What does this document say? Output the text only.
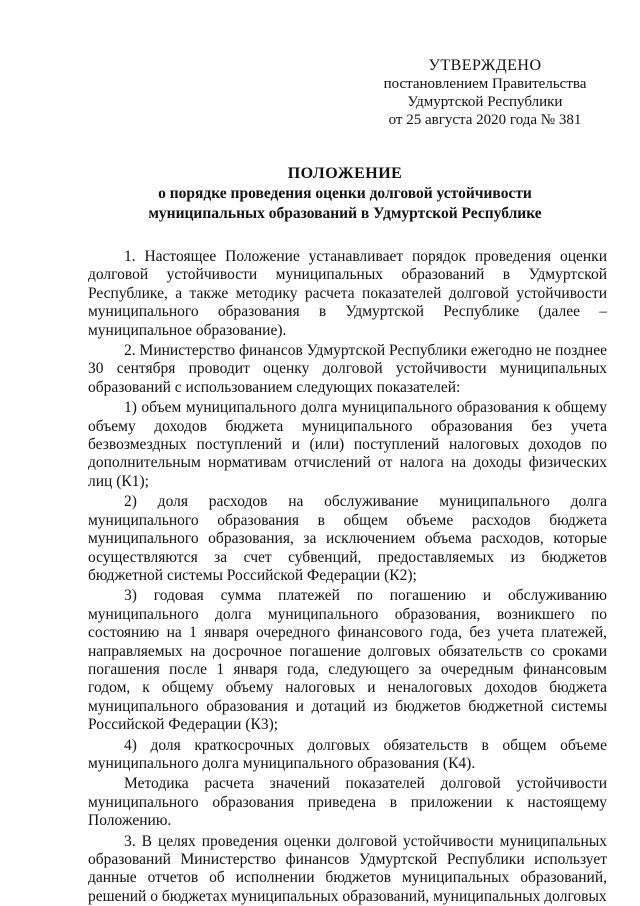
УТВЕРЖДЕНО
постановлением Правительства
Удмуртской Республики
от 25 августа 2020 года № 381
ПОЛОЖЕНИЕ
о порядке проведения оценки долговой устойчивости
муниципальных образований в Удмуртской Республике

1. Настоящее Положение устанавливает порядок проведения оценки долговой устойчивости муниципальных образований в Удмуртской Республике, а также методику расчета показателей долговой устойчивости муниципального образования в Удмуртской Республике (далее – муниципальное образование).

2. Министерство финансов Удмуртской Республики ежегодно не позднее 30 сентября проводит оценку долговой устойчивости муниципальных образований с использованием следующих показателей:

1) объем муниципального долга муниципального образования к общему объему доходов бюджета муниципального образования без учета безвозмездных поступлений и (или) поступлений налоговых доходов по дополнительным нормативам отчислений от налога на доходы физических лиц (К1);

2) доля расходов на обслуживание муниципального долга муниципального образования в общем объеме расходов бюджета муниципального образования, за исключением объема расходов, которые осуществляются за счет субвенций, предоставляемых из бюджетов бюджетной системы Российской Федерации (К2);

3) годовая сумма платежей по погашению и обслуживанию муниципального долга муниципального образования, возникшего по состоянию на 1 января очередного финансового года, без учета платежей, направляемых на досрочное погашение долговых обязательств со сроками погашения после 1 января года, следующего за очередным финансовым годом, к общему объему налоговых и неналоговых доходов бюджета муниципального образования и дотаций из бюджетов бюджетной системы Российской Федерации (К3);

4) доля краткосрочных долговых обязательств в общем объеме муниципального долга муниципального образования (К4).

Методика расчета значений показателей долговой устойчивости муниципального образования приведена в приложении к настоящему Положению.

3. В целях проведения оценки долговой устойчивости муниципальных образований Министерство финансов Удмуртской Республики использует данные отчетов об исполнении бюджетов муниципальных образований, решений о бюджетах муниципальных образований, муниципальных долговых
